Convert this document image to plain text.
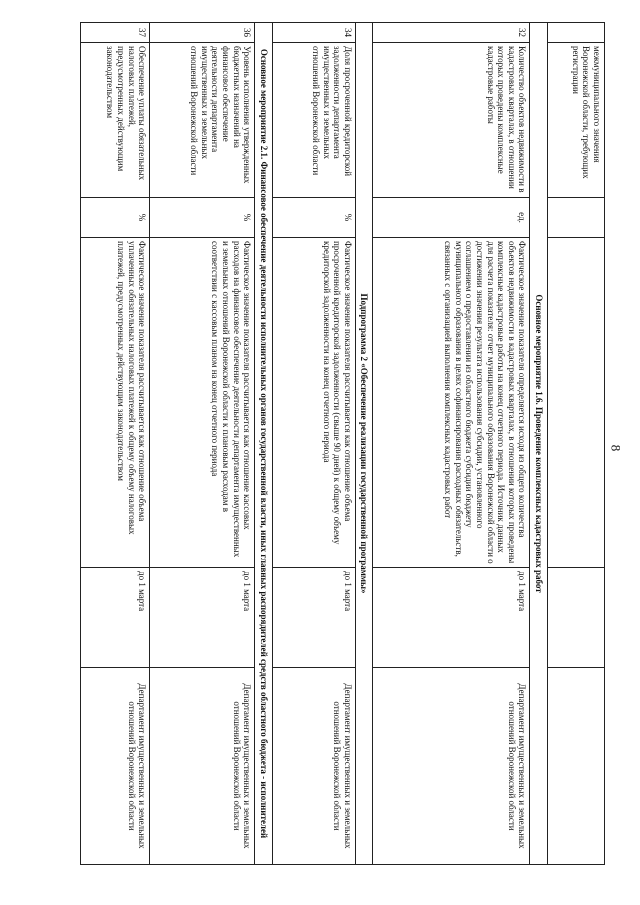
8
	межмуниципального значения Воронежской области, требующих регистрации				
Основное мероприятие 1.6. Проведение комплексных кадастровых работ					
32	Количество объектов недвижимости в кадастровых кварталах, в отношении которых проведены комплексные кадастровые работы	ед.	Фактическое значение показателя определяется исходя из общего количества объектов недвижимости в кадастровых кварталах, в отношении которых проведены комплексные кадастровые работы на конец отчетного периода. Источник данных для расчета показателя: отчет муниципального образования Воронежской области о достижении значения результата использования субсидии, установленного соглашением о предоставлении из областного бюджета субсидии бюджету муниципального образования в целях софинансирования расходных обязательств, связанных с организацией выполнения комплексных кадастровых работ	до 1 марта	Департамент имущественных и земельных отношений Воронежской области
Подпрограмма 2 «Обеспечение реализации государственной программы»					
34	Доля просроченной кредиторской задолженности департамента имущественных и земельных отношений Воронежской области	%	Фактическое значение показателя рассчитывается как отношение объема просроченной кредиторской задолженности (свыше 90 дней) к общему объему кредиторской задолженности на конец отчетного периода	до 1 марта	Департамент имущественных и земельных отношений Воронежской области
Основное мероприятие 2.1. Финансовое обеспечение деятельности исполнительных органов государственной власти, иных главных распорядителей средств областного бюджета - исполнителей					
36	Уровень исполнения утвержденных бюджетных назначений на финансовое обеспечение деятельности департамента имущественных и земельных отношений Воронежской области	%	Фактическое значение показателя рассчитывается как отношение кассовых расходов на финансовое обеспечение деятельности департамента имущественных и земельных отношений Воронежской области к плановым расходам в соответствии с кассовым планом на конец отчетного периода	до 1 марта	Департамент имущественных и земельных отношений Воронежской области
37	Обеспечение уплаты обязательных налоговых платежей, предусмотренных действующим законодательством	%	Фактическое значение показателя рассчитывается как отношение объема уплаченных обязательных налоговых платежей к общему объему налоговых платежей, предусмотренных действующим законодательством	до 1 марта	Департамент имущественных и земельных отношений Воронежской области
